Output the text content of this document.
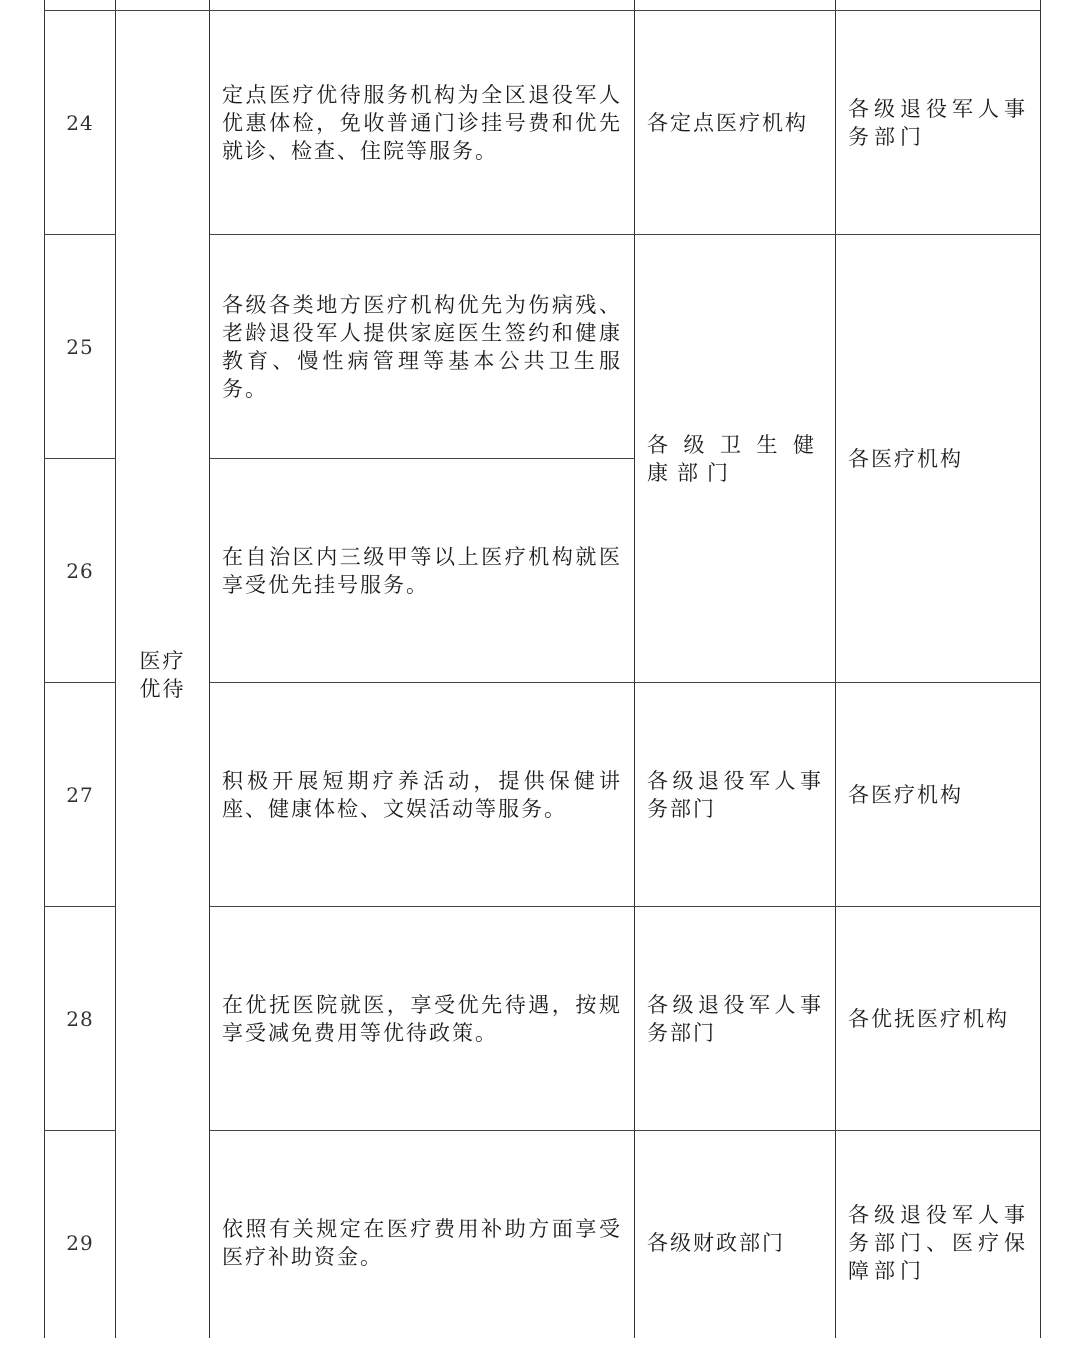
医疗优待
24
定点医疗优待服务机构为全区退役军人优惠体检，免收普通门诊挂号费和优先就诊、检查、住院等服务。
各定点医疗机构
各级退役军人事务部门
25
各级各类地方医疗机构优先为伤病残、老龄退役军人提供家庭医生签约和健康教育、慢性病管理等基本公共卫生服务。
26
在自治区内三级甲等以上医疗机构就医享受优先挂号服务。
各级卫生健康部门
各医疗机构
27
积极开展短期疗养活动，提供保健讲座、健康体检、文娱活动等服务。
各级退役军人事务部门
各医疗机构
28
在优抚医院就医，享受优先待遇，按规享受减免费用等优待政策。
各级退役军人事务部门
各优抚医疗机构
29
依照有关规定在医疗费用补助方面享受医疗补助资金。
各级财政部门
各级退役军人事务部门、医疗保障部门
